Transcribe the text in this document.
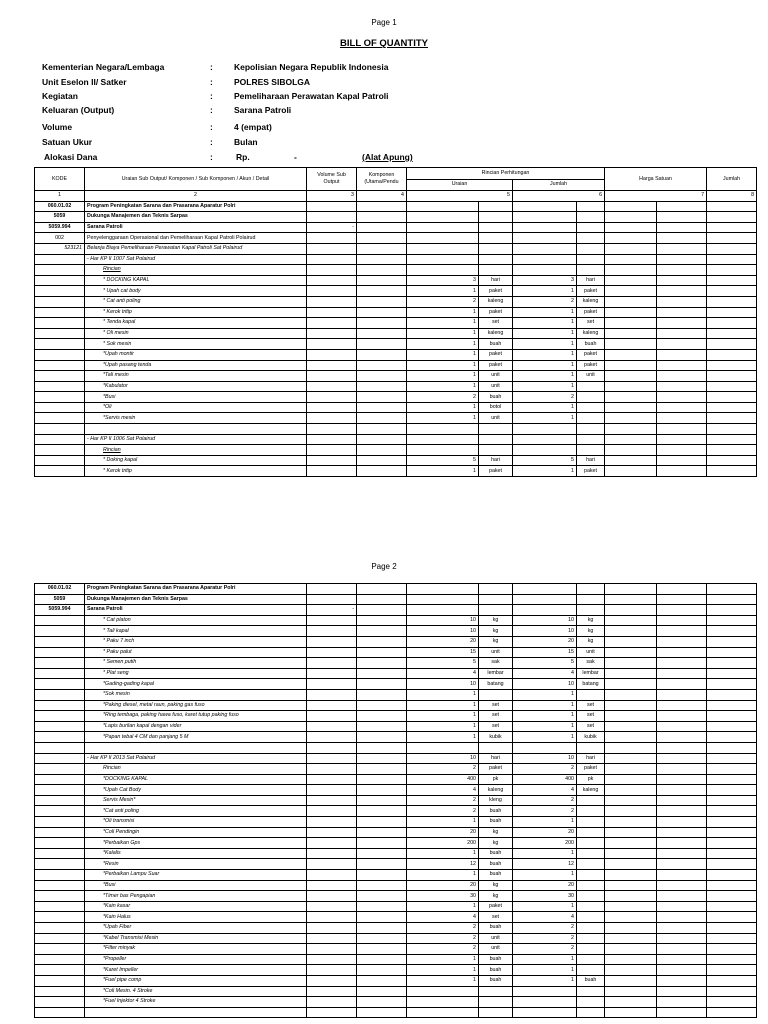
Page 1
BILL OF QUANTITY
Kementerian Negara/Lembaga	: Kepolisian Negara Republik Indonesia
Unit Eselon II/ Satker	: POLRES SIBOLGA
Kegiatan	: Pemeliharaan Perawatan Kapal Patroli
Keluaran (Output)	: Sarana Patroli
Volume	: 4 (empat)
Satuan Ukur	: Bulan
Alokasi Dana	:	Rp.	-	(Alat Apung)
KODE	Uraian Sub Output/ Komponen / Sub Komponen / Akun / Detail	Volume Sub Output	Komponen (Utama/Pendu	Rincian Perhitungan				Harga Satuan		Jumlah
				Uraian		Jumlah				
1	2	3	4	5		6		7		8
060.01.02	Program Peningkatan Sarana dan Prasarana Aparatur Polri									
5059	Dukunga Manajemen dan Teknis Sarpas									
5059.994	Sarana Patroli	-								
002	Penyelenggaraan Operasional dan Pemeliharaan Kapal Patroli Polairud									
523121	Belanja Biaya Pemeliharaan Perawatan Kapal Patroli Sat Polairud									
	- Har KP II 1007 Sat Polairud									
	Rincian									
	* DOCKING KAPAL			3	hari	3	hari			
	* Upah cat body			1	paket	1	paket			
	* Cat anti poling			2	kaleng	2	kaleng			
	* Kerok tritip			1	paket	1	paket			
	* Tenda kapal			1	set	1	set			
	* Oli mesin			1	kaleng	1	kaleng			
	* Sok mesin			1	buah	1	buah			
	*Upah montir			1	paket	1	paket			
	*Upah pasang tenda			1	paket	1	paket			
	*Tali mesin			1	unit	1	unit			
	*Kabulator			1	unit	1				
	*Busi			2	buah	2				
	*Oli			1	botol	1				
	*Servis mesin			1	unit	1				

	- Har KP II 1006 Sat Polairud									
	Rincian									
	* Doking kapal			5	hari	5	hari			
	* Kerok tritip			1	paket	1	paket			
Page 2
060.01.02	Program Peningkatan Sarana dan Prasarana Aparatur Polri									
5059	Dukunga Manajemen dan Teknis Sarpas									
5059.994	Sarana Patroli	-								
	* Cat platon			10	kg	10	kg			
	* Tali kapal			10	kg	10	kg			
	* Paku 7 inch			20	kg	20	kg			
	* Paku palut			15	unit	15	unit			
	* Semen putih			5	sak	5	sak			
	* Plat seng			4	lembar	4	lembar			
	*Gading-gading kapal			10	batang	10	batang			
	*Sok mesin			1		1				
	*Paking diesel, metal raun, paking gas fuso			1	set	1	set			
	*Ring tembaga, paking hawa fuso, karet tutup paking fuso			1	set	1	set			
	*Lapis burilan kapal dengan vider			1	set	1	set			
	*Papan tebal 4 CM dan panjang 5 M			1	kubik	1	kubik			

	- Har KP II 2013 Sat Polairud			10	hari	10	hari			
	Rincian			2	paket	2	paket			
	*DOCKING KAPAL			400	pk	400	pk			
	*Upah Cat Body			4	kaleng	4	kaleng			
	Servis Mesin*			2	kleng	2				
	*Cat anti poling			2	buah	2				
	*Oli transmisi			1	buah	1				
	*Coli Pendingin			20	kg	20				
	*Perbaikan Gps			200	kg	200				
	*Kalalis			1	buah	1				
	*Resin			12	buah	12				
	*Perbaikan Lampu Suar			1	buah	1				
	*Busi			20	kg	20				
	*Timer bas Pengapian			30	kg	30				
	*Kain kasar			1	paket	1				
	*Kain Halus			4	set	4				
	*Upah Fiber			2	buah	2				
	*Kabel Transmisi Mesin			2	unit	2				
	*Filter minyak			2	unit	2				
	*Propeller			1	buah	1				
	*Karet Impeller			1	buah	1				
	*Fuel pipe comp			1	buah	1	buah			
	*Coli Mesin. 4 Stroke									
	*Fuel Injektor 4 Stroke									
